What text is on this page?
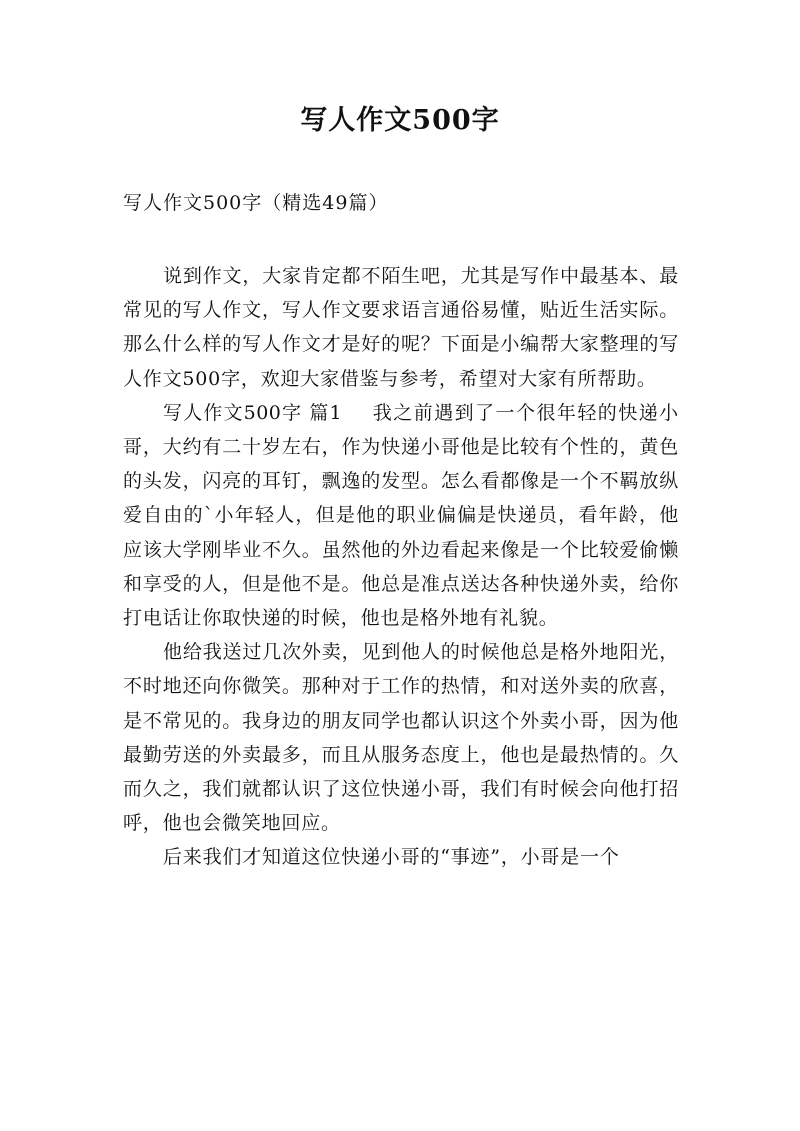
写人作文500字
写人作文500字（精选49篇）

说到作文，大家肯定都不陌生吧，尤其是写作中最基本、最常见的写人作文，写人作文要求语言通俗易懂，贴近生活实际。那么什么样的写人作文才是好的呢？下面是小编帮大家整理的写人作文500字，欢迎大家借鉴与参考，希望对大家有所帮助。

写人作文500字 篇1 我之前遇到了一个很年轻的快递小哥，大约有二十岁左右，作为快递小哥他是比较有个性的，黄色的头发，闪亮的耳钉，飘逸的发型。怎么看都像是一个不羁放纵爱自由的`小年轻人，但是他的职业偏偏是快递员，看年龄，他应该大学刚毕业不久。虽然他的外边看起来像是一个比较爱偷懒和享受的人，但是他不是。他总是准点送达各种快递外卖，给你打电话让你取快递的时候，他也是格外地有礼貌。

他给我送过几次外卖，见到他人的时候他总是格外地阳光，不时地还向你微笑。那种对于工作的热情，和对送外卖的欣喜，是不常见的。我身边的朋友同学也都认识这个外卖小哥，因为他最勤劳送的外卖最多，而且从服务态度上，他也是最热情的。久而久之，我们就都认识了这位快递小哥，我们有时候会向他打招呼，他也会微笑地回应。

后来我们才知道这位快递小哥的“事迹”，小哥是一个
